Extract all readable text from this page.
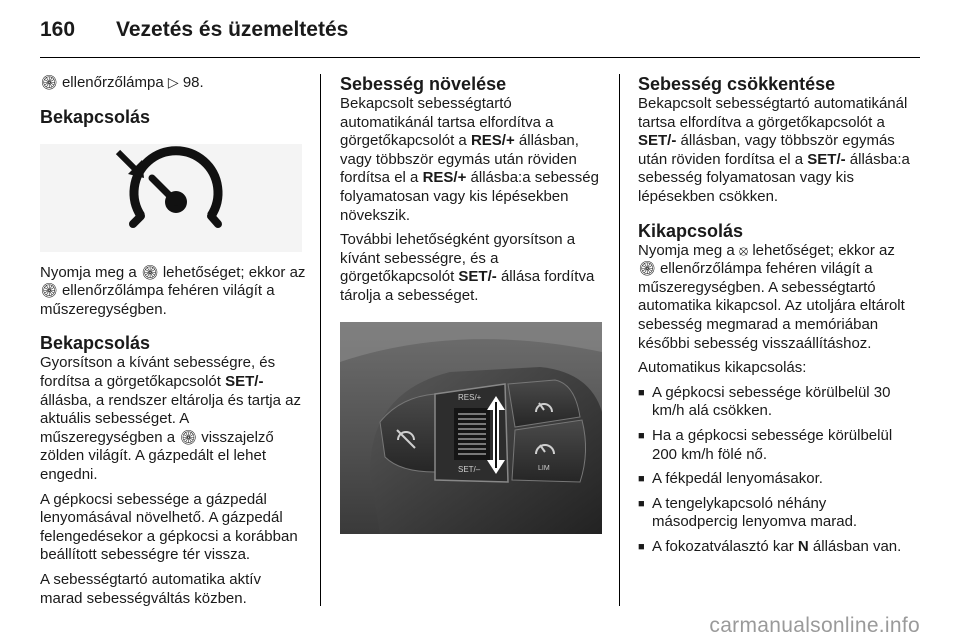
160	Vezetés és üzemeltetés

🛞︎ ellenőrzőlámpa ▷ 98.

Bekapcsolás

Nyomja meg a 🛞︎ lehetőséget; ekkor az 🛞︎ ellenőrzőlámpa fehéren világít a műszeregységben.

Bekapcsolás

Gyorsítson a kívánt sebességre, és fordítsa a görgetőkapcsolót SET/- állásba, a rendszer eltárolja és tartja az aktuális sebességet. A műszeregységben a 🛞︎ visszajelző zölden világít. A gázpedált el lehet engedni.

A gépkocsi sebessége a gázpedál lenyomásával növelhető. A gázpedál felengedésekor a gépkocsi a korábban beállított sebességre tér vissza.

A sebességtartó automatika aktív marad sebességváltás közben.

Sebesség növelése

Bekapcsolt sebességtartó automatikánál tartsa elfordítva a görgetőkapcsolót a RES/+ állásban, vagy többször egymás után röviden fordítsa el a RES/+ állásba:a sebesség folyamatosan vagy kis lépésekben növekszik.

További lehetőségként gyorsítson a kívánt sebességre, és a görgetőkapcsolót SET/- állása fordítva tárolja a sebességet.

RES/+
SET/–	LIM
Sebesség csökkentése

Bekapcsolt sebességtartó automatikánál tartsa elfordítva a görgetőkapcsolót a SET/- állásban, vagy többször egymás után röviden fordítsa el a SET/- állásba:a sebesség folyamatosan vagy kis lépésekben csökken.

Kikapcsolás

Nyomja meg a ⦻ lehetőséget; ekkor az 🛞︎ ellenőrzőlámpa fehéren világít a műszeregységben. A sebességtartó automatika kikapcsol. Az utoljára eltárolt sebesség megmarad a memóriában későbbi sebesség visszaállításhoz.

Automatikus kikapcsolás:

■ A gépkocsi sebessége körülbelül 30 km/h alá csökken.
■ Ha a gépkocsi sebessége körülbelül 200 km/h fölé nő.
■ A fékpedál lenyomásakor.
■ A tengelykapcsoló néhány másodpercig lenyomva marad.
■ A fokozatválasztó kar N állásban van.
carmanualsonline.info
